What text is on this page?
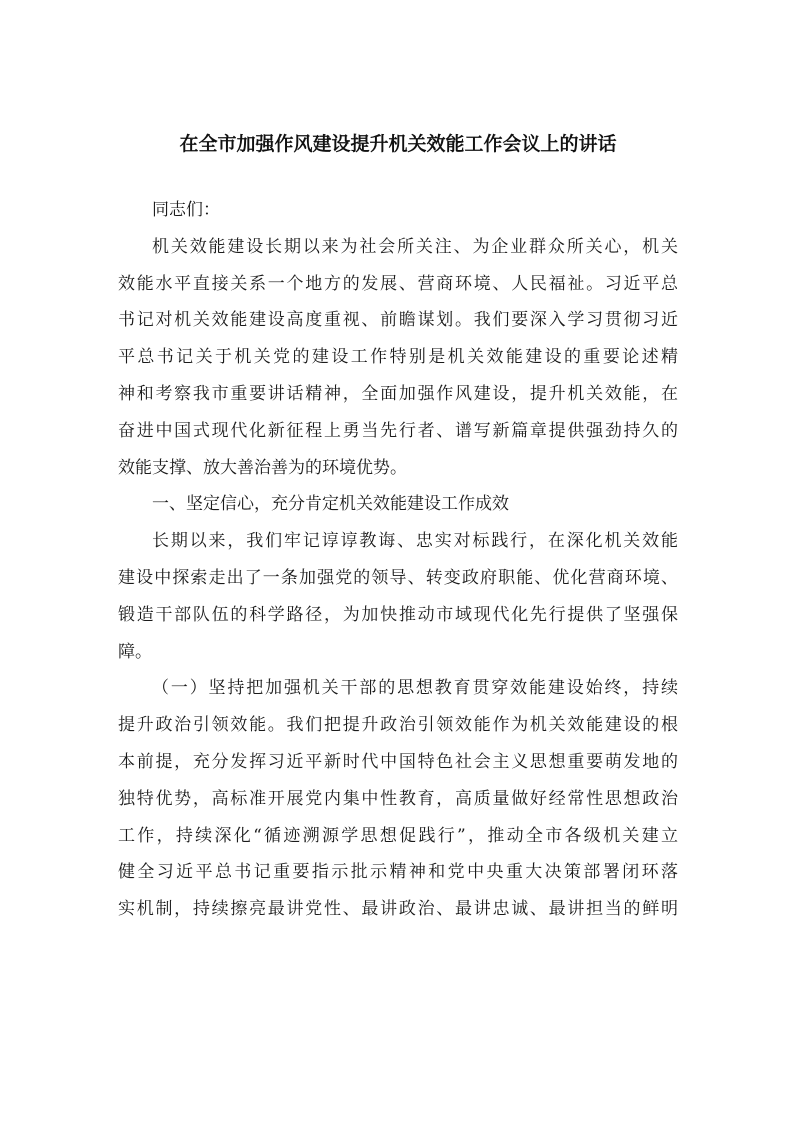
在全市加强作风建设提升机关效能工作会议上的讲话
同志们：
机关效能建设长期以来为社会所关注、为企业群众所关心，机关
效能水平直接关系一个地方的发展、营商环境、人民福祉。习近平总
书记对机关效能建设高度重视、前瞻谋划。我们要深入学习贯彻习近
平总书记关于机关党的建设工作特别是机关效能建设的重要论述精
神和考察我市重要讲话精神，全面加强作风建设，提升机关效能，在
奋进中国式现代化新征程上勇当先行者、谱写新篇章提供强劲持久的
效能支撑、放大善治善为的环境优势。
一、坚定信心，充分肯定机关效能建设工作成效
长期以来，我们牢记谆谆教诲、忠实对标践行，在深化机关效能
建设中探索走出了一条加强党的领导、转变政府职能、优化营商环境、
锻造干部队伍的科学路径，为加快推动市域现代化先行提供了坚强保
障。
（一）坚持把加强机关干部的思想教育贯穿效能建设始终，持续
提升政治引领效能。我们把提升政治引领效能作为机关效能建设的根
本前提，充分发挥习近平新时代中国特色社会主义思想重要萌发地的
独特优势，高标准开展党内集中性教育，高质量做好经常性思想政治
工作，持续深化“循迹溯源学思想促践行”，推动全市各级机关建立
健全习近平总书记重要指示批示精神和党中央重大决策部署闭环落
实机制，持续擦亮最讲党性、最讲政治、最讲忠诚、最讲担当的鲜明
